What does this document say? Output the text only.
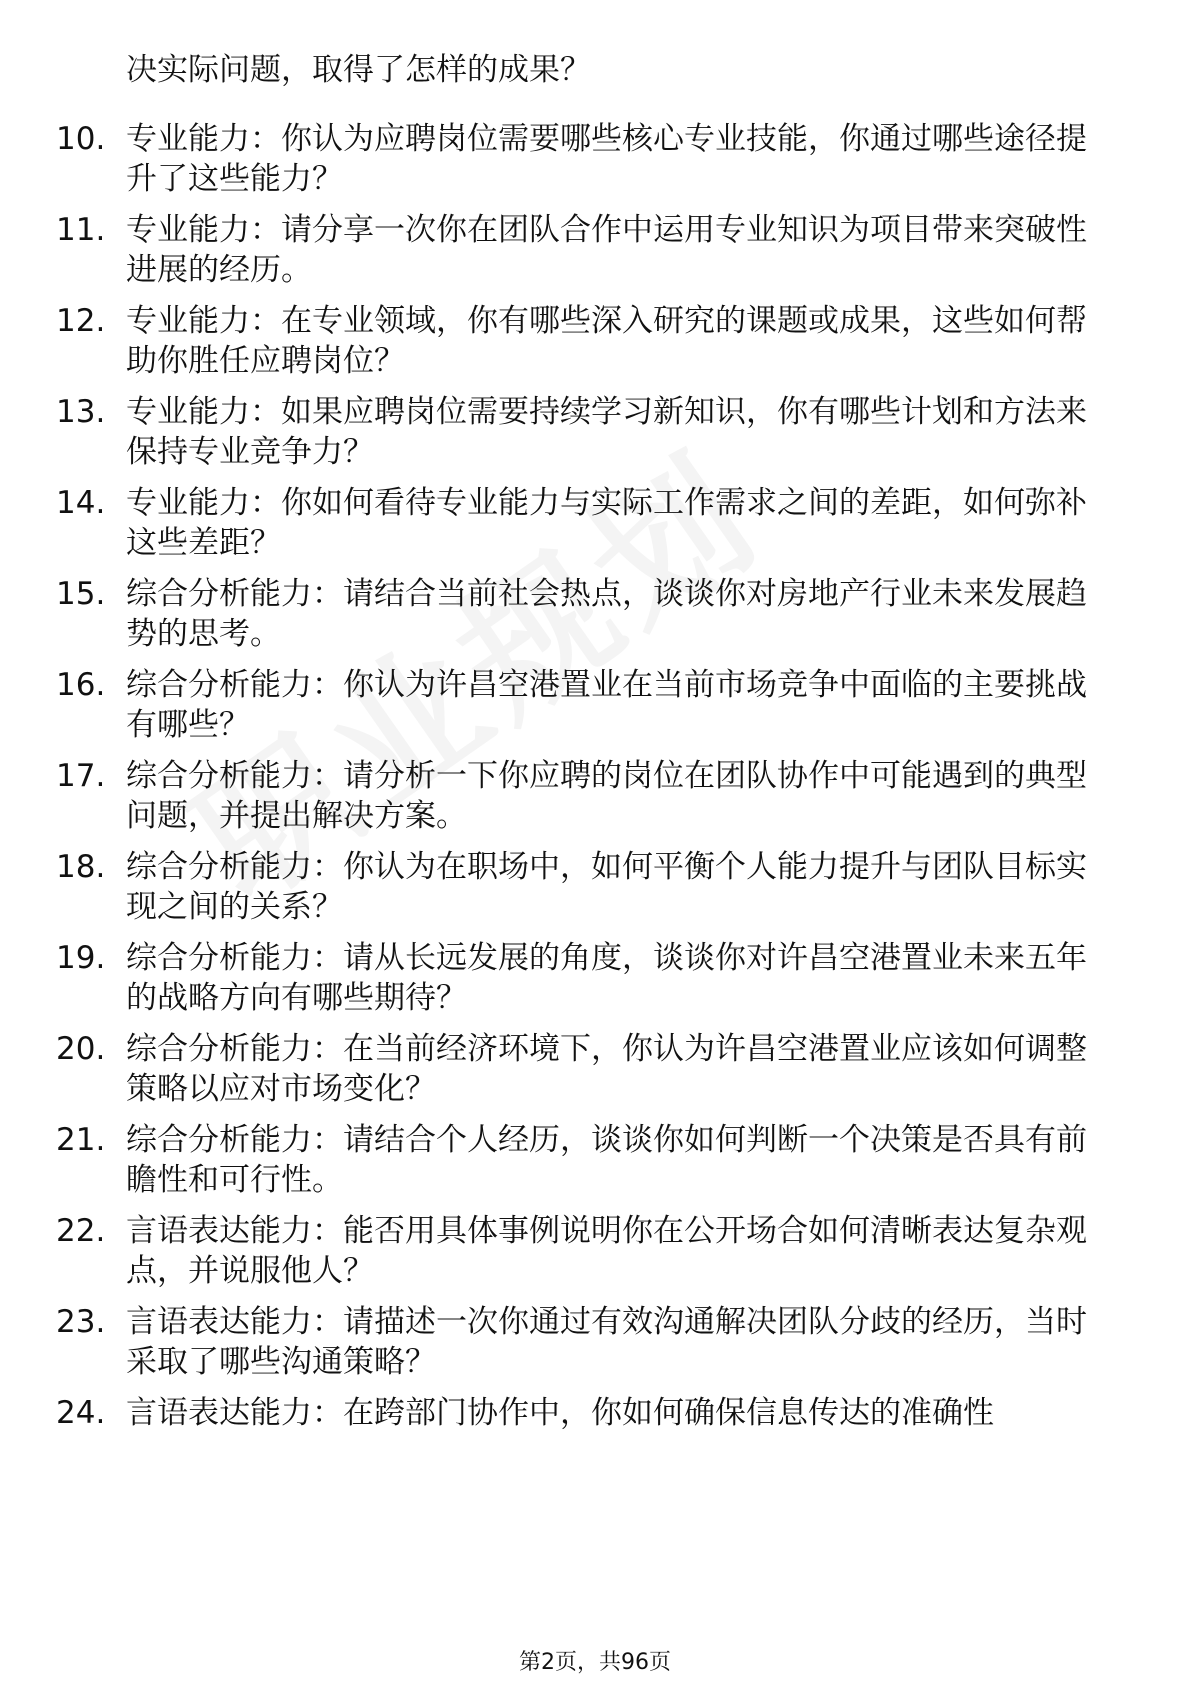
决实际问题，取得了怎样的成果？
10. 专业能力：你认为应聘岗位需要哪些核心专业技能，你通过哪些途径提升了这些能力？
11. 专业能力：请分享一次你在团队合作中运用专业知识为项目带来突破性进展的经历。
12. 专业能力：在专业领域，你有哪些深入研究的课题或成果，这些如何帮助你胜任应聘岗位？
13. 专业能力：如果应聘岗位需要持续学习新知识，你有哪些计划和方法来保持专业竞争力？
14. 专业能力：你如何看待专业能力与实际工作需求之间的差距，如何弥补这些差距？
15. 综合分析能力：请结合当前社会热点，谈谈你对房地产行业未来发展趋势的思考。
16. 综合分析能力：你认为许昌空港置业在当前市场竞争中面临的主要挑战有哪些？
17. 综合分析能力：请分析一下你应聘的岗位在团队协作中可能遇到的典型问题，并提出解决方案。
18. 综合分析能力：你认为在职场中，如何平衡个人能力提升与团队目标实现之间的关系？
19. 综合分析能力：请从长远发展的角度，谈谈你对许昌空港置业未来五年的战略方向有哪些期待？
20. 综合分析能力：在当前经济环境下，你认为许昌空港置业应该如何调整策略以应对市场变化？
21. 综合分析能力：请结合个人经历，谈谈你如何判断一个决策是否具有前瞻性和可行性。
22. 言语表达能力：能否用具体事例说明你在公开场合如何清晰表达复杂观点，并说服他人？
23. 言语表达能力：请描述一次你通过有效沟通解决团队分歧的经历，当时采取了哪些沟通策略？
24. 言语表达能力：在跨部门协作中，你如何确保信息传达的准确性
第2页，共96页
